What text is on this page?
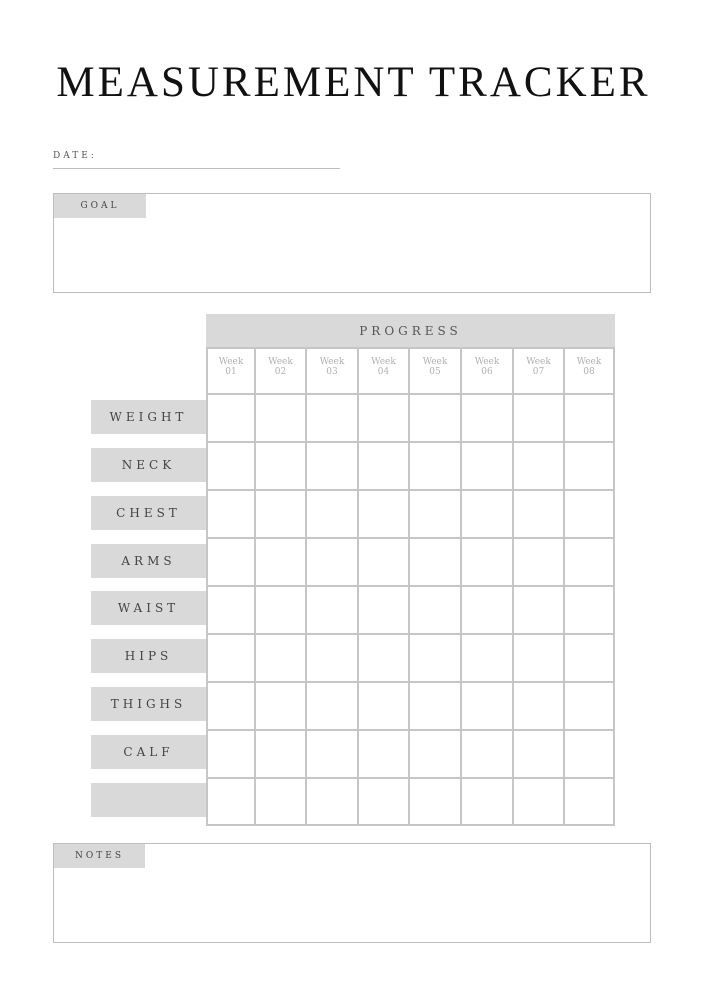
MEASUREMENT TRACKER
DATE:
GOAL
PROGRESS
Week
01
Week
02
Week
03
Week
04
Week
05
Week
06
Week
07
Week
08
NOTES
WEIGHT
NECK
CHEST
ARMS
WAIST
HIPS
THIGHS
CALF
